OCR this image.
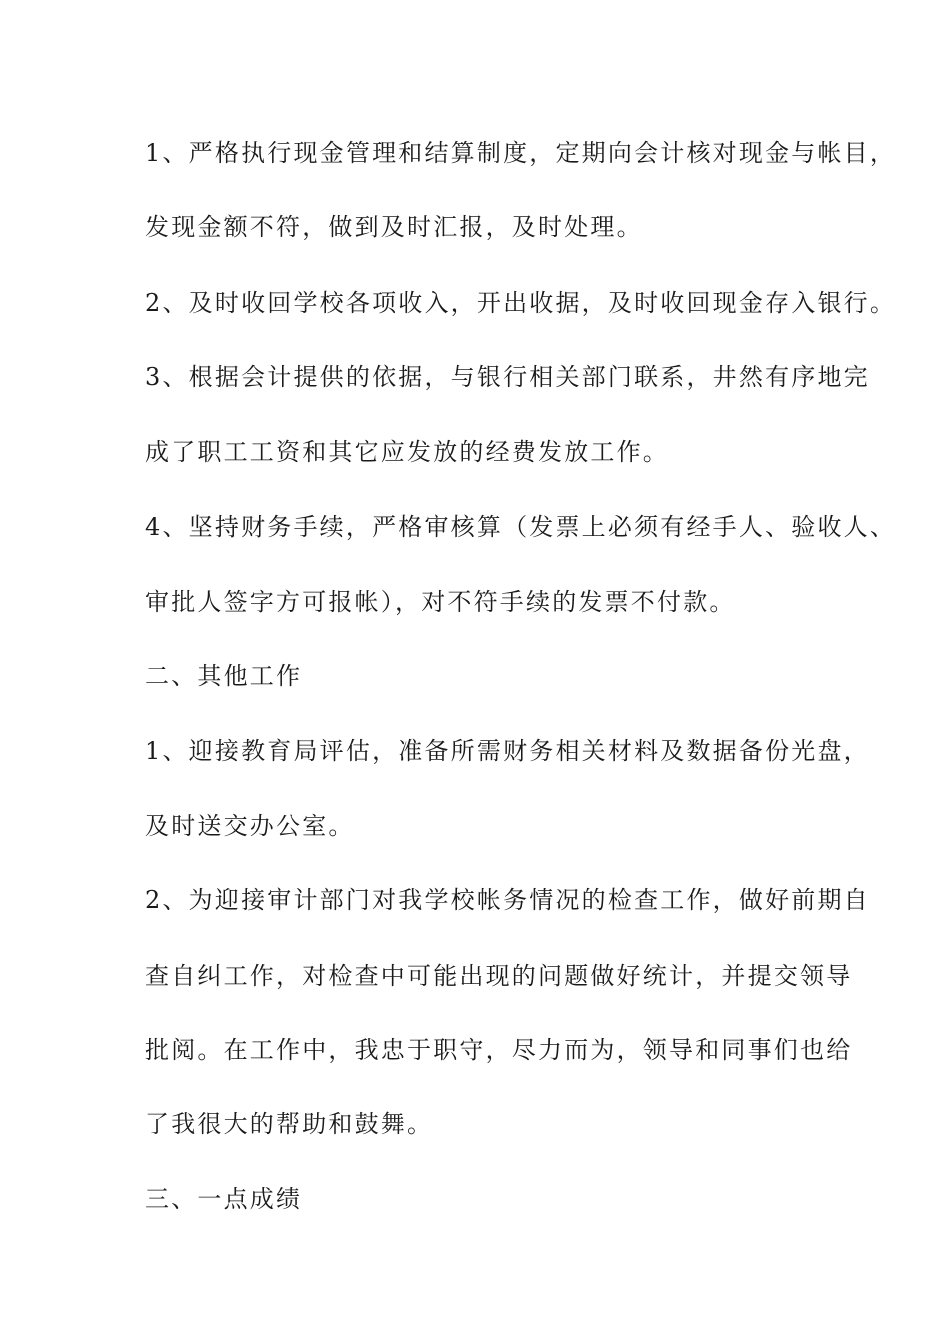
1、严格执行现金管理和结算制度，定期向会计核对现金与帐目，
发现金额不符，做到及时汇报，及时处理。
2、及时收回学校各项收入，开出收据，及时收回现金存入银行。
3、根据会计提供的依据，与银行相关部门联系，井然有序地完
成了职工工资和其它应发放的经费发放工作。
4、坚持财务手续，严格审核算（发票上必须有经手人、验收人、
审批人签字方可报帐），对不符手续的发票不付款。
二、其他工作
1、迎接教育局评估，准备所需财务相关材料及数据备份光盘，
及时送交办公室。
2、为迎接审计部门对我学校帐务情况的检查工作，做好前期自
查自纠工作，对检查中可能出现的问题做好统计，并提交领导
批阅。在工作中，我忠于职守，尽力而为，领导和同事们也给
了我很大的帮助和鼓舞。
三、一点成绩
